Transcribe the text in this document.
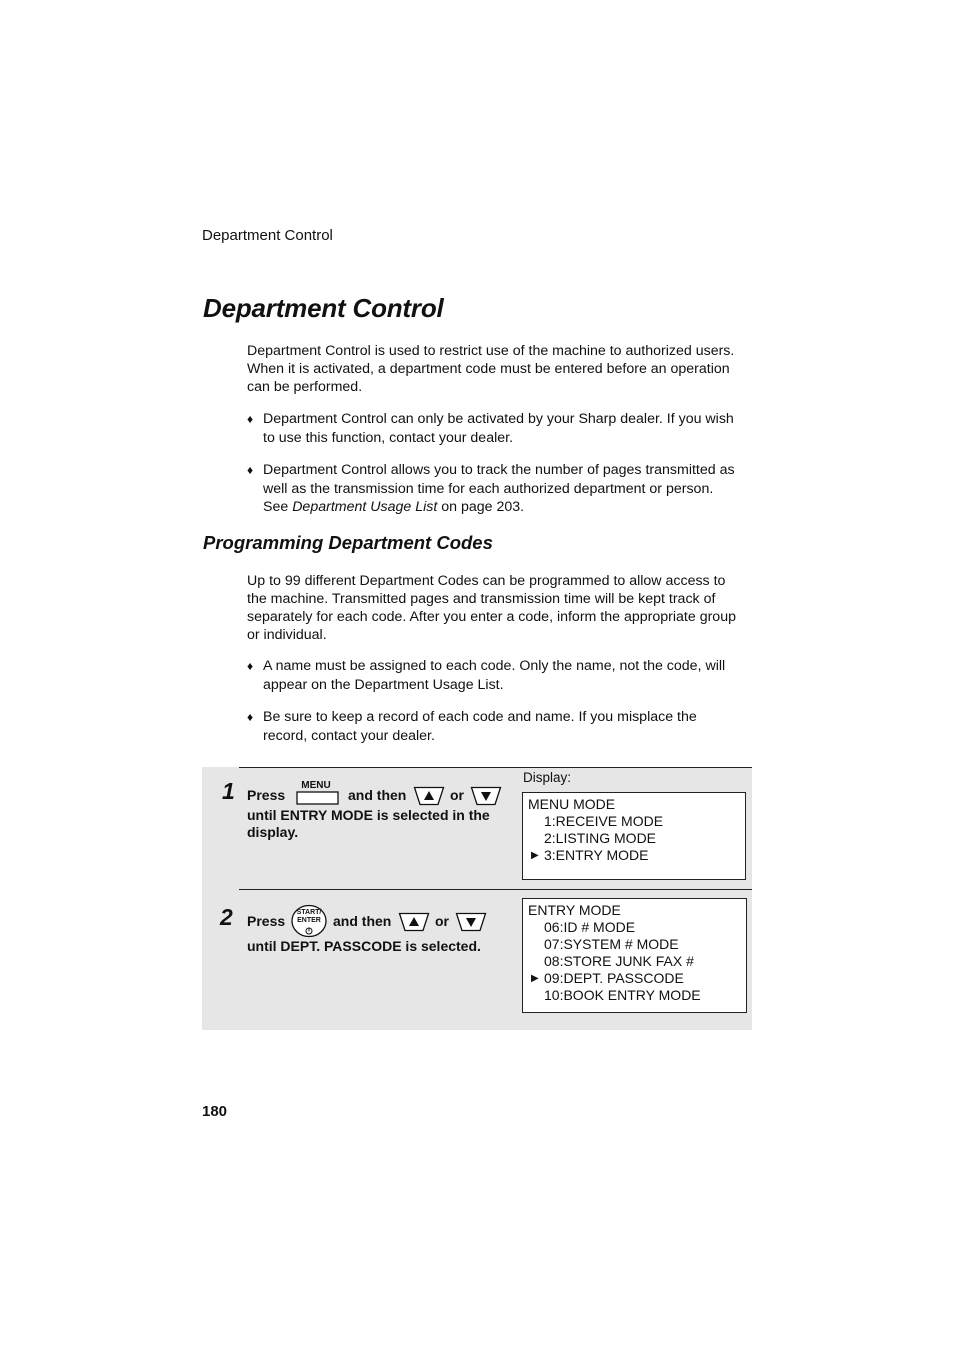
Department Control
Department Control

Department Control is used to restrict use of the machine to authorized users. When it is activated, a department code must be entered before an operation can be performed.

♦ Department Control can only be activated by your Sharp dealer. If you wish to use this function, contact your dealer.
♦ Department Control allows you to track the number of pages transmitted as well as the transmission time for each authorized department or person. See Department Usage List on page 203.
Programming Department Codes

Up to 99 different Department Codes can be programmed to allow access to the machine. Transmitted pages and transmission time will be kept track of separately for each code. After you enter a code, inform the appropriate group or individual.

♦ A name must be assigned to each code. Only the name, not the code, will appear on the Department Usage List.
♦ Be sure to keep a record of each code and name. If you misplace the record, contact your dealer.
Display:
1 Press
MENU
and then	or
until ENTRY MODE is selected in the display.
MENU MODE
1:RECEIVE MODE
2:LISTING MODE
▶ 3:ENTRY MODE
2 Press
START/
ENTER and then	or
until DEPT. PASSCODE is selected.
ENTRY MODE
06:ID # MODE
07:SYSTEM # MODE
08:STORE JUNK FAX #
▶ 09:DEPT. PASSCODE
10:BOOK ENTRY MODE
180
